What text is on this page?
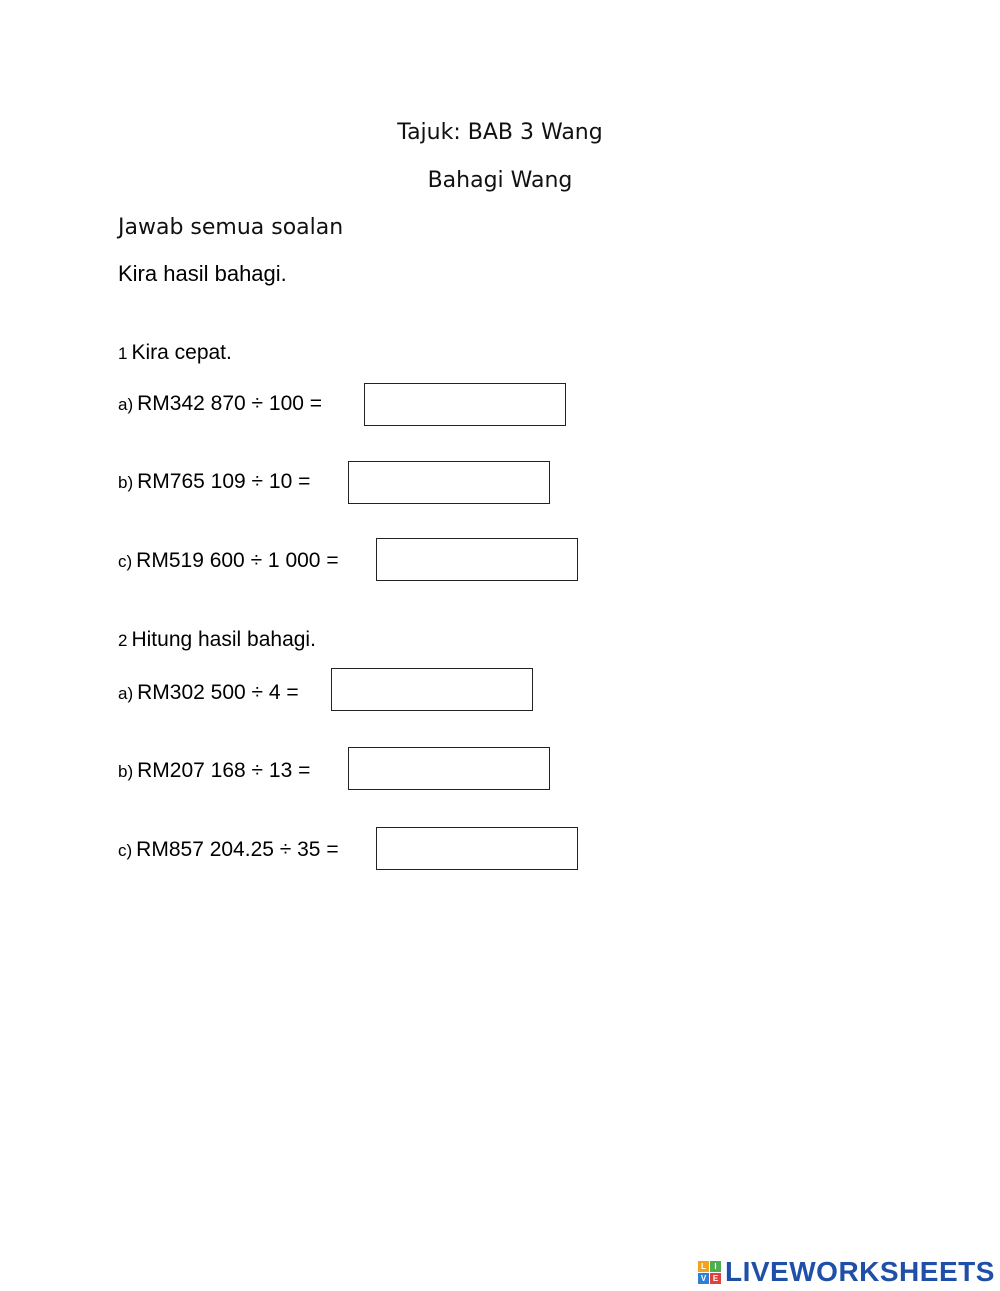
Tajuk: BAB 3 Wang
Bahagi Wang
Jawab semua soalan
Kira hasil bahagi.
1 Kira cepat.
a) RM342 870 ÷ 100 =
b) RM765 109 ÷ 10 =
c) RM519 600 ÷ 1 000 =
2 Hitung hasil bahagi.
a) RM302 500 ÷ 4 =
b) RM207 168 ÷ 13 =
c) RM857 204.25 ÷ 35 =
L	I
V E LIVEWORKSHEETS
